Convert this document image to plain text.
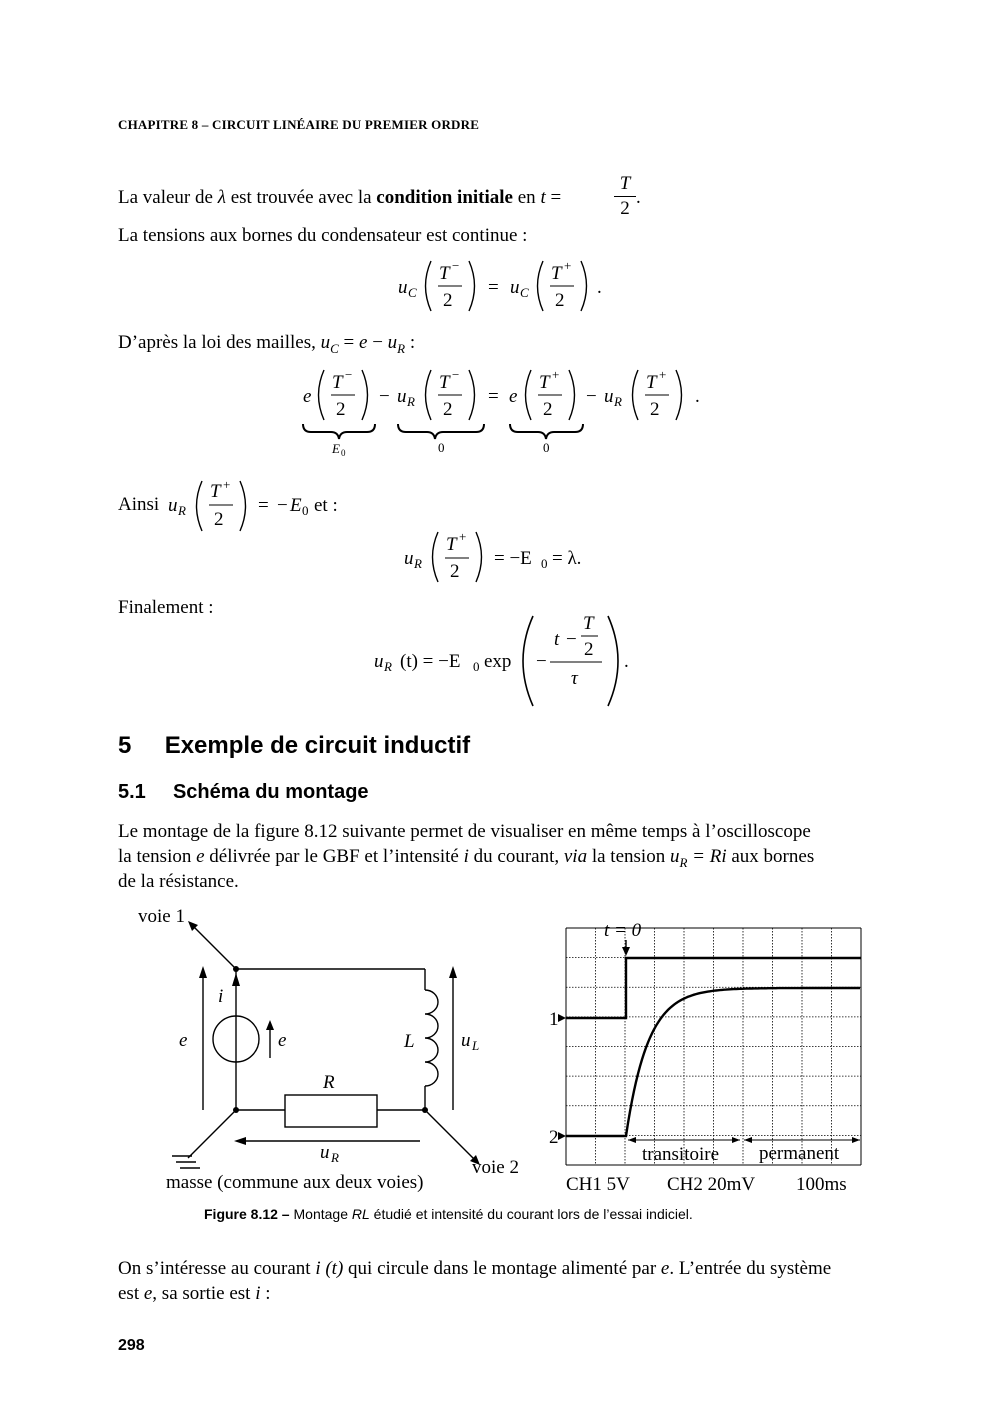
CHAPITRE 8 – CIRCUIT LINÉAIRE DU PREMIER ORDRE
La valeur de λ est trouvée avec la condition initiale en t =
T
2
.
La tensions aux bornes du condensateur est continue :
u C
T −
2
= u C
T +
2
.
D’après la loi des mailles, $u_C = e - u_R$ :
e
T −
2
− u R
T −
2
= e
T +
2
− u R
T +
2
.
E 0	0	0
Ainsi u R
T +
2
= − E 0 et :
u R
T +
2
= −E 0 = λ.
Finalement :
u R (t) = −E 0 exp −
t −
T
2
τ
.
5 Exemple de circuit inductif
5.1 Schéma du montage
Le montage de la figure 8.12 suivante permet de visualiser en même temps à l’oscilloscope
la tension e délivrée par le GBF et l’intensité i du courant, via la tension $u_R = Ri$ aux bornes
de la résistance.
voie 1
i
e
e	L u L
R
u R	voie 2
masse (commune aux deux voies)
t = 0
1
2
transitoire permanent
CH1 5V CH2 20mV 100ms
Figure 8.12 – Montage RL étudié et intensité du courant lors de l’essai indiciel.
On s’intéresse au courant i (t) qui circule dans le montage alimenté par e. L’entrée du système
est e, sa sortie est i :
298
